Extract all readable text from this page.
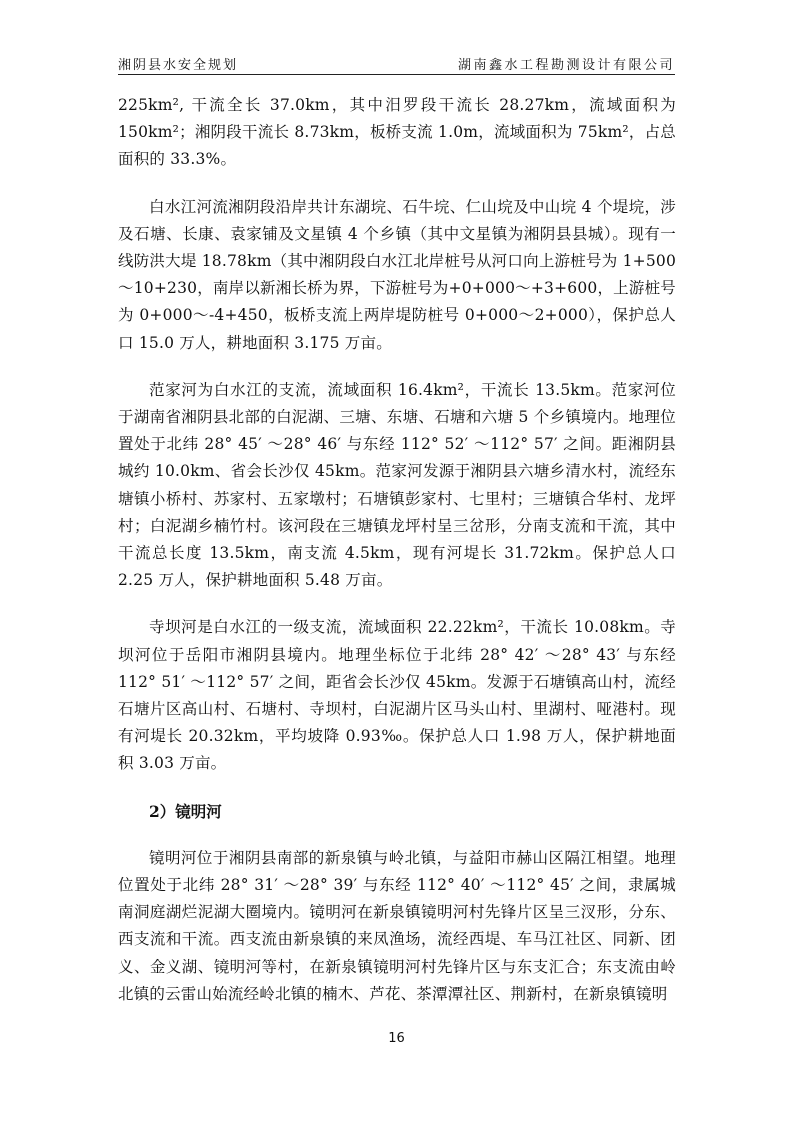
湘阴县水安全规划	湖南鑫水工程勘测设计有限公司

225km², 干流全长 37.0km，其中汨罗段干流长 28.27km，流域面积为 150km²；湘阴段干流长 8.73km，板桥支流 1.0m，流域面积为 75km²，占总面积的 33.3%。

白水江河流湘阴段沿岸共计东湖垸、石牛垸、仁山垸及中山垸 4 个堤垸，涉及石塘、长康、袁家铺及文星镇 4 个乡镇（其中文星镇为湘阴县县城）。现有一线防洪大堤 18.78km（其中湘阴段白水江北岸桩号从河口向上游桩号为 1+500～10+230，南岸以新湘长桥为界，下游桩号为+0+000～+3+600，上游桩号为 0+000～-4+450，板桥支流上两岸堤防桩号 0+000～2+000），保护总人口 15.0 万人，耕地面积 3.175 万亩。

范家河为白水江的支流，流域面积 16.4km²，干流长 13.5km。范家河位于湖南省湘阴县北部的白泥湖、三塘、东塘、石塘和六塘 5 个乡镇境内。地理位置处于北纬 28° 45′ ～28° 46′ 与东经 112° 52′ ～112° 57′ 之间。距湘阴县城约 10.0km、省会长沙仅 45km。范家河发源于湘阴县六塘乡清水村，流经东塘镇小桥村、苏家村、五家墩村；石塘镇彭家村、七里村；三塘镇合华村、龙坪村；白泥湖乡楠竹村。该河段在三塘镇龙坪村呈三岔形，分南支流和干流，其中干流总长度 13.5km，南支流 4.5km，现有河堤长 31.72km。保护总人口 2.25 万人，保护耕地面积 5.48 万亩。

寺坝河是白水江的一级支流，流域面积 22.22km²，干流长 10.08km。寺坝河位于岳阳市湘阴县境内。地理坐标位于北纬 28° 42′ ～28° 43′ 与东经 112° 51′ ～112° 57′ 之间，距省会长沙仅 45km。发源于石塘镇高山村，流经石塘片区高山村、石塘村、寺坝村，白泥湖片区马头山村、里湖村、哑港村。现有河堤长 20.32km，平均坡降 0.93‰。保护总人口 1.98 万人，保护耕地面积 3.03 万亩。

2）镜明河

镜明河位于湘阴县南部的新泉镇与岭北镇，与益阳市赫山区隔江相望。地理位置处于北纬 28° 31′ ～28° 39′ 与东经 112° 40′ ～112° 45′ 之间，隶属城南洞庭湖烂泥湖大圈境内。镜明河在新泉镇镜明河村先锋片区呈三汊形，分东、西支流和干流。西支流由新泉镇的来凤渔场，流经西堤、车马江社区、同新、团义、金义湖、镜明河等村，在新泉镇镜明河村先锋片区与东支汇合；东支流由岭北镇的云雷山始流经岭北镇的楠木、芦花、茶潭潭社区、荆新村，在新泉镇镜明

16
